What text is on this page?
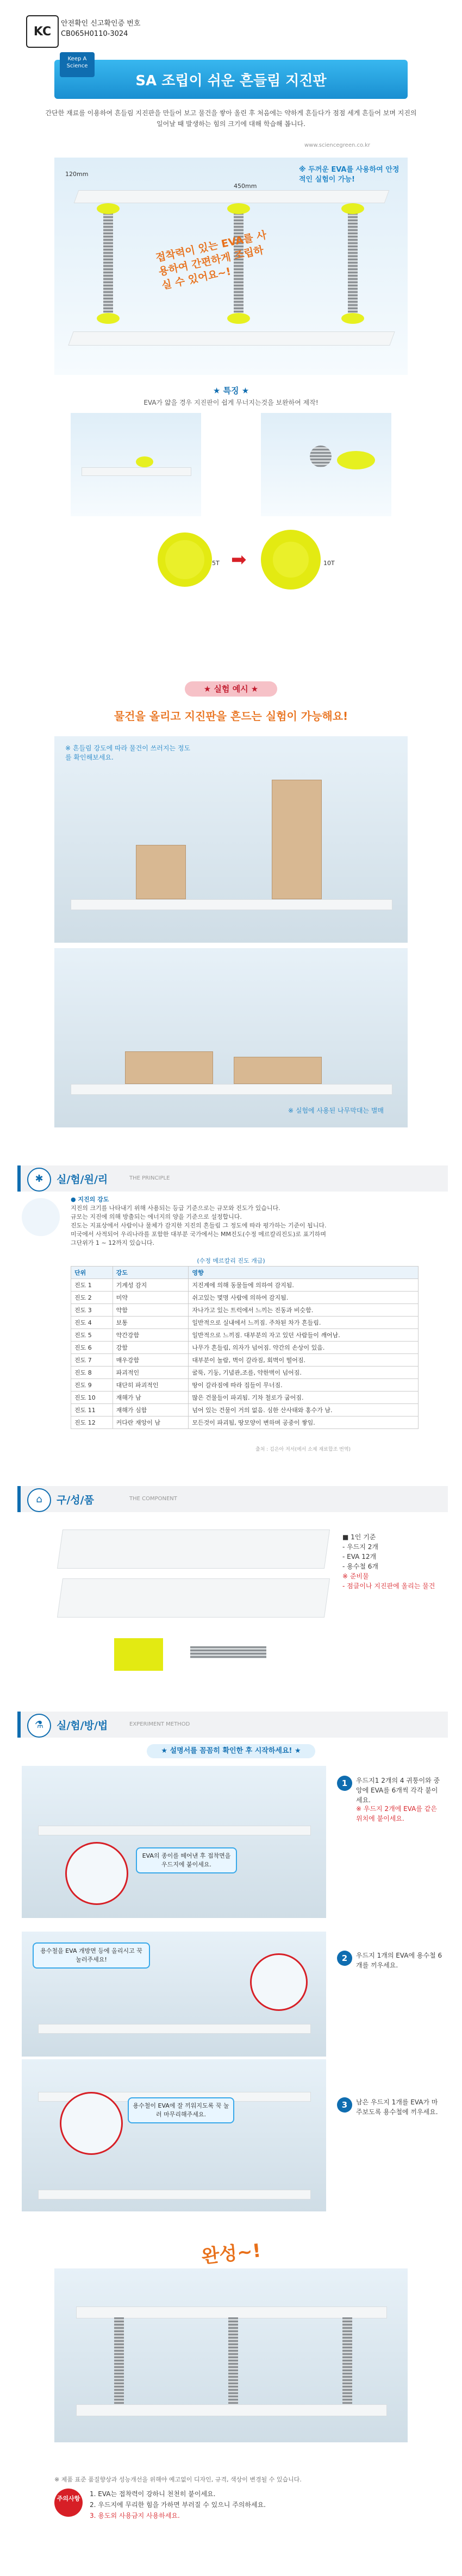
KC
안전확인 신고확인증 번호
CB065H0110-3024
SA 조립이 쉬운 흔들림 지진판
Keep A Science
간단한 재료를 이용하여 흔들림 지진판을 만들어 보고 물건을 쌓아 올린 후 처음에는 약하게 흔들다가 점점 세게 흔들어 보며 지진의 일어날 때 발생하는 힘의 크기에 대해 학습해 봅니다.
www.sciencegreen.co.kr
120mm
450mm
※ 두꺼운 EVA를 사용하여 안정적인 실험이 가능!
접착력이 있는 EVA를 사용하여 간편하게 조립하실 수 있어요~!
★ 특징 ★
EVA가 얇을 경우 지진판이 쉽게 무너지는것을 보완하여 제작!
5T ➡	10T
★ 실험 예시 ★
물건을 올리고 지진판을 흔드는 실험이 가능해요!
※ 흔들림 강도에 따라 물건이 쓰러지는 정도를 확인해보세요.
※ 실험에 사용된 나무막대는 별매
✱	실/험/원/리	THE PRINCIPLE
● 지진의 강도
지진의 크기를 나타내기 위해 사용되는 등급 기준으로는 규모와 진도가 있습니다.
규모는 지진에 의해 방출되는 에너지의 양을 기준으로 설정합니다.
진도는 지표상에서 사람이나 물체가 감지한 지진의 흔들림 그 정도에 따라 평가하는 기준이 됩니다.
미국에서 사적되어 우리나라를 포함한 대부분 국가에서는 MM진도(수정 메르칼리진도)로 표기하며
그단위가 1 ~ 12까지 있습니다.
(수정 메르칼리 진도 개급)
단위	강도	영향
진도 1	기계성 감지	지진계에 의해 동물들에 의하여 감지됨.
진도 2	미약	쉬고있는 몇명 사람에 의하여 감지됨.
진도 3	약함	자나가고 있는 트럭에서 느끼는 진동과 비슷함.
진도 4	보통	일반적으로 실내에서 느끼짐. 주차된 차가 흔들림.
진도 5	약간강함	일반적으로 느끼짐. 대부분의 자고 있던 사람들이 깨어남.
진도 6	강함	나무가 흔들림, 의자가 넘어짐. 약간의 손상이 있음.
진도 7	매우강함	대부분이 놀람, 벽이 갈라짐, 회벽이 떨어짐.
진도 8	파괴적인	굴뚝, 기둥, 기념관,조를, 약한벽이 넘어짐.
진도 9	대단히 파괴적인	땅이 갈라짐에 따라 집들이 무너짐.
진도 10	재해가 남	많은 건물들이 파괴됨. 기차 철로가 굽어짐.
진도 11	재해가 심함	넘어 있는 건물이 거의 없음. 심한 산사태와 홍수가 남.
진도 12	커다란 재앙이 남	모든것이 파괴됨, 땅모양이 변하며 공중이 쌓임.
출처 : 김은아 저서(에서 소제 재료합조 번역)
⌂	구/성/품	THE COMPONENT
■ 1인 기준
- 우드지 2개
- EVA 12개
- 용수철 6개
※ 준비물
- 점클이나 지진판에 올리는 물건
⚗	실/험/방/법	EXPERIMENT METHOD
★ 설명서를 꼼꼼히 확인한 후 시작하세요! ★
EVA의 종이를 떼어낸 후 접착면을 우드지에 붙이세요.
1	우드지1 2개의 4 귀퉁이와 중앙에 EVA를 6개씩 각각 붙이세요.
※ 우드지 2개에 EVA를 같은 위치에 붙이세요.
용수철을 EVA 개방면 등에 올리시고 꾹 눌러주세요!	2	우드지 1개의 EVA에 용수철 6개를 끼우세요.
용수철이 EVA에 잘 끼워지도록 꾹 눌러 마무리해주세요.
3	남은 우드지 1개를 EVA가 마주보도록 용수철에 끼우세요.
완성~!
※ 제품 표준 품질향상과 성능개선을 위해야 예고없이 디자인, 규격, 색상이 변경될 수 있습니다.
주의사항
1. EVA는 접착력이 강하니 천천히 붙이세요.
2. 우드지에 무리한 힘을 가하면 부러질 수 있으니 주의하세요.
3. 용도외 사용금지 사용하세요.
